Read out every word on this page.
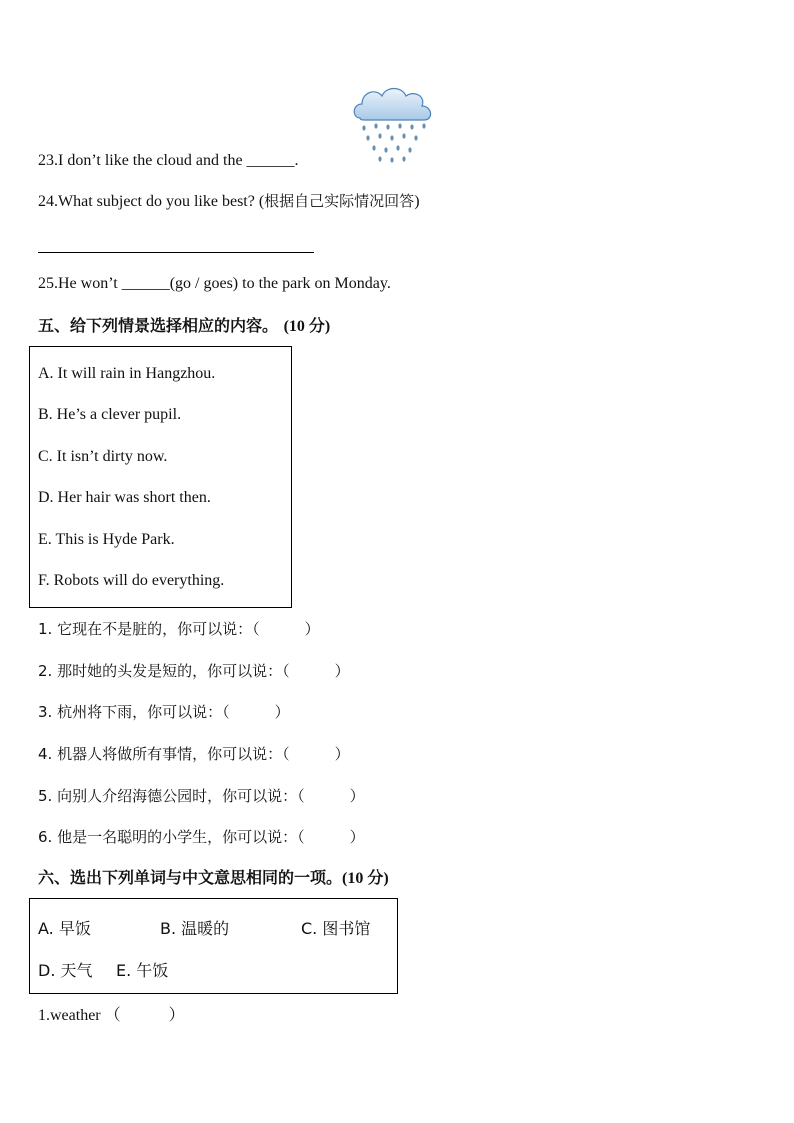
23.I don’t like the cloud and the ______.
24.What subject do you like best? (根据自己实际情况回答)
25.He won’t ______(go / goes) to the park on Monday.
五、给下列情景选择相应的内容。 (10 分)
A. It will rain in Hangzhou.
B. He’s a clever pupil.
C. It isn’t dirty now.
D. Her hair was short then.
E. This is Hyde Park.
F. Robots will do everything.
1. 它现在不是脏的，你可以说：（　　　）
2. 那时她的头发是短的，你可以说：（　　　）
3. 杭州将下雨，你可以说：（　　　）
4. 机器人将做所有事情，你可以说：（　　　）
5. 向别人介绍海德公园时，你可以说：（　　　）
6. 他是一名聪明的小学生，你可以说：（　　　）
六、选出下列单词与中文意思相同的一项。(10 分)
A. 早饭	B. 温暖的	C. 图书馆
D. 天气 E. 午饭
1.weather （　　　）
